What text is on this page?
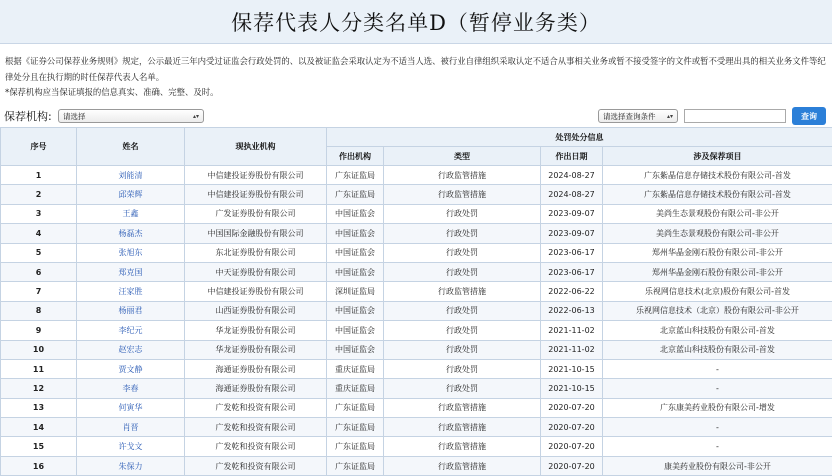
保荐代表人分类名单D（暂停业务类）
根据《证券公司保荐业务规则》规定，公示最近三年内受过证监会行政处罚的、以及被证监会采取认定为不适当人选、被行业自律组织采取认定不适合从事相关业务或暂不接受签字的文件或暂不受理出具的相关业务文件等纪律处分且在执行期的时任保荐代表人名单。
*保荐机构应当保证填报的信息真实、准确、完整、及时。
保荐机构: 请选择	▴▾	请选择查询条件 ▴▾	查询
序号	姓名	现执业机构	处罚处分信息			
			作出机构	类型	作出日期	涉及保荐项目
1	刘能清	中信建投证券股份有限公司	广东证监局	行政监管措施	2024-08-27	广东紫晶信息存储技术股份有限公司-首发
2	邱荣辉	中信建投证券股份有限公司	广东证监局	行政监管措施	2024-08-27	广东紫晶信息存储技术股份有限公司-首发
3	王鑫	广发证券股份有限公司	中国证监会	行政处罚	2023-09-07	美尚生态景观股份有限公司-非公开
4	杨磊杰	中国国际金融股份有限公司	中国证监会	行政处罚	2023-09-07	美尚生态景观股份有限公司-非公开
5	张旭东	东北证券股份有限公司	中国证监会	行政处罚	2023-06-17	郑州华晶金刚石股份有限公司-非公开
6	郑克国	中天证券股份有限公司	中国证监会	行政处罚	2023-06-17	郑州华晶金刚石股份有限公司-非公开
7	汪家胜	中信建投证券股份有限公司	深圳证监局	行政监管措施	2022-06-22	乐视网信息技术(北京)股份有限公司-首发
8	杨丽君	山西证券股份有限公司	中国证监会	行政处罚	2022-06-13	乐视网信息技术（北京）股份有限公司-非公开
9	李纪元	华龙证券股份有限公司	中国证监会	行政处罚	2021-11-02	北京蓝山科技股份有限公司-首发
10	赵宏志	华龙证券股份有限公司	中国证监会	行政处罚	2021-11-02	北京蓝山科技股份有限公司-首发
11	贾文静	海通证券股份有限公司	重庆证监局	行政处罚	2021-10-15	-
12	李春	海通证券股份有限公司	重庆证监局	行政处罚	2021-10-15	-
13	何寅华	广发乾和投资有限公司	广东证监局	行政监管措施	2020-07-20	广东康美药业股份有限公司-增发
14	肖晋	广发乾和投资有限公司	广东证监局	行政监管措施	2020-07-20	-
15	许戈文	广发乾和投资有限公司	广东证监局	行政监管措施	2020-07-20	-
16	朱保力	广发乾和投资有限公司	广东证监局	行政监管措施	2020-07-20	康美药业股份有限公司-非公开
